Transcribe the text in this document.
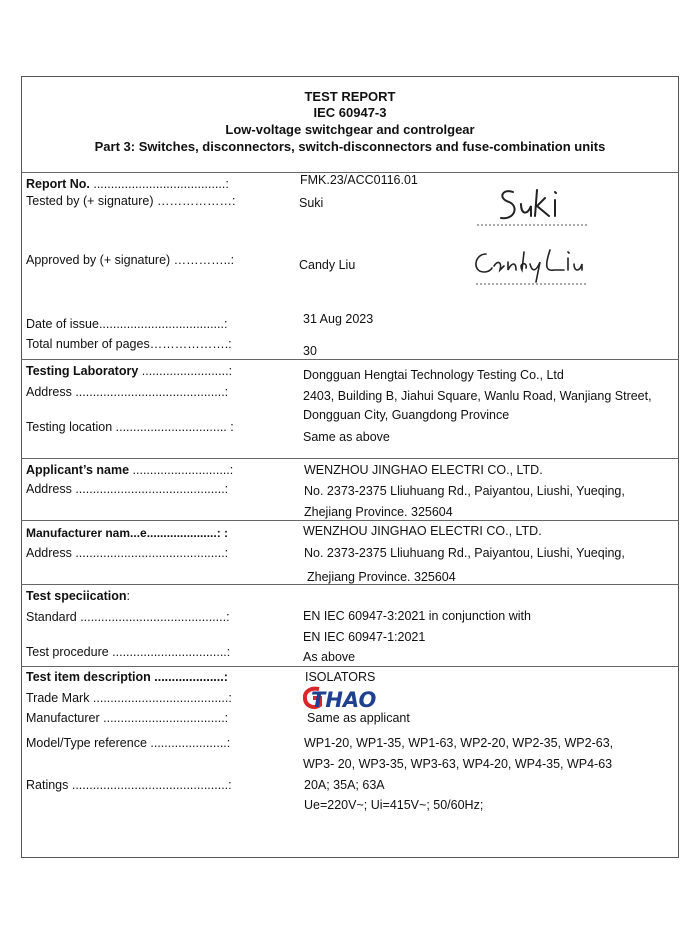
TEST REPORT
IEC 60947-3
Low-voltage switchgear and controlgear
Part 3: Switches, disconnectors, switch-disconnectors and fuse-combination units
Report No. ......................................:	FMK.23/ACC0116.01
Tested by (+ signature) ………………:	Suki
Approved by (+ signature) …………..:	Candy Liu
Date of issue....................................:	31 Aug 2023
Total number of pages……………….:	30
Testing Laboratory .........................:	Dongguan Hengtai Technology Testing Co., Ltd
Address ...........................................:	2403, Building B, Jiahui Square, Wanlu Road, Wanjiang Street,
Dongguan City, Guangdong Province
Testing location ................................ :
Same as above
Applicant’s name ............................:	WENZHOU JINGHAO ELECTRI CO., LTD.
Address ...........................................:	No. 2373-2375 Lliuhuang Rd., Paiyantou, Liushi, Yueqing,
Zhejiang Province. 325604
Manufacturer nam...e.....................: :	WENZHOU JINGHAO ELECTRI CO., LTD.
Address ...........................................:	No. 2373-2375 Lliuhuang Rd., Paiyantou, Liushi, Yueqing,
Zhejiang Province. 325604
Test speciication:
Standard ..........................................:	EN IEC 60947-3:2021 in conjunction with
EN IEC 60947-1:2021
Test procedure .................................:	As above
Test item description ....................:	ISOLATORS
Trade Mark .......................................:	THAO
Manufacturer ...................................:	Same as applicant
Model/Type reference ......................:	WP1-20, WP1-35, WP1-63, WP2-20, WP2-35, WP2-63,
WP3- 20, WP3-35, WP3-63, WP4-20, WP4-35, WP4-63
Ratings .............................................:	20A; 35A; 63A
Ue=220V~; Ui=415V~; 50/60Hz;
